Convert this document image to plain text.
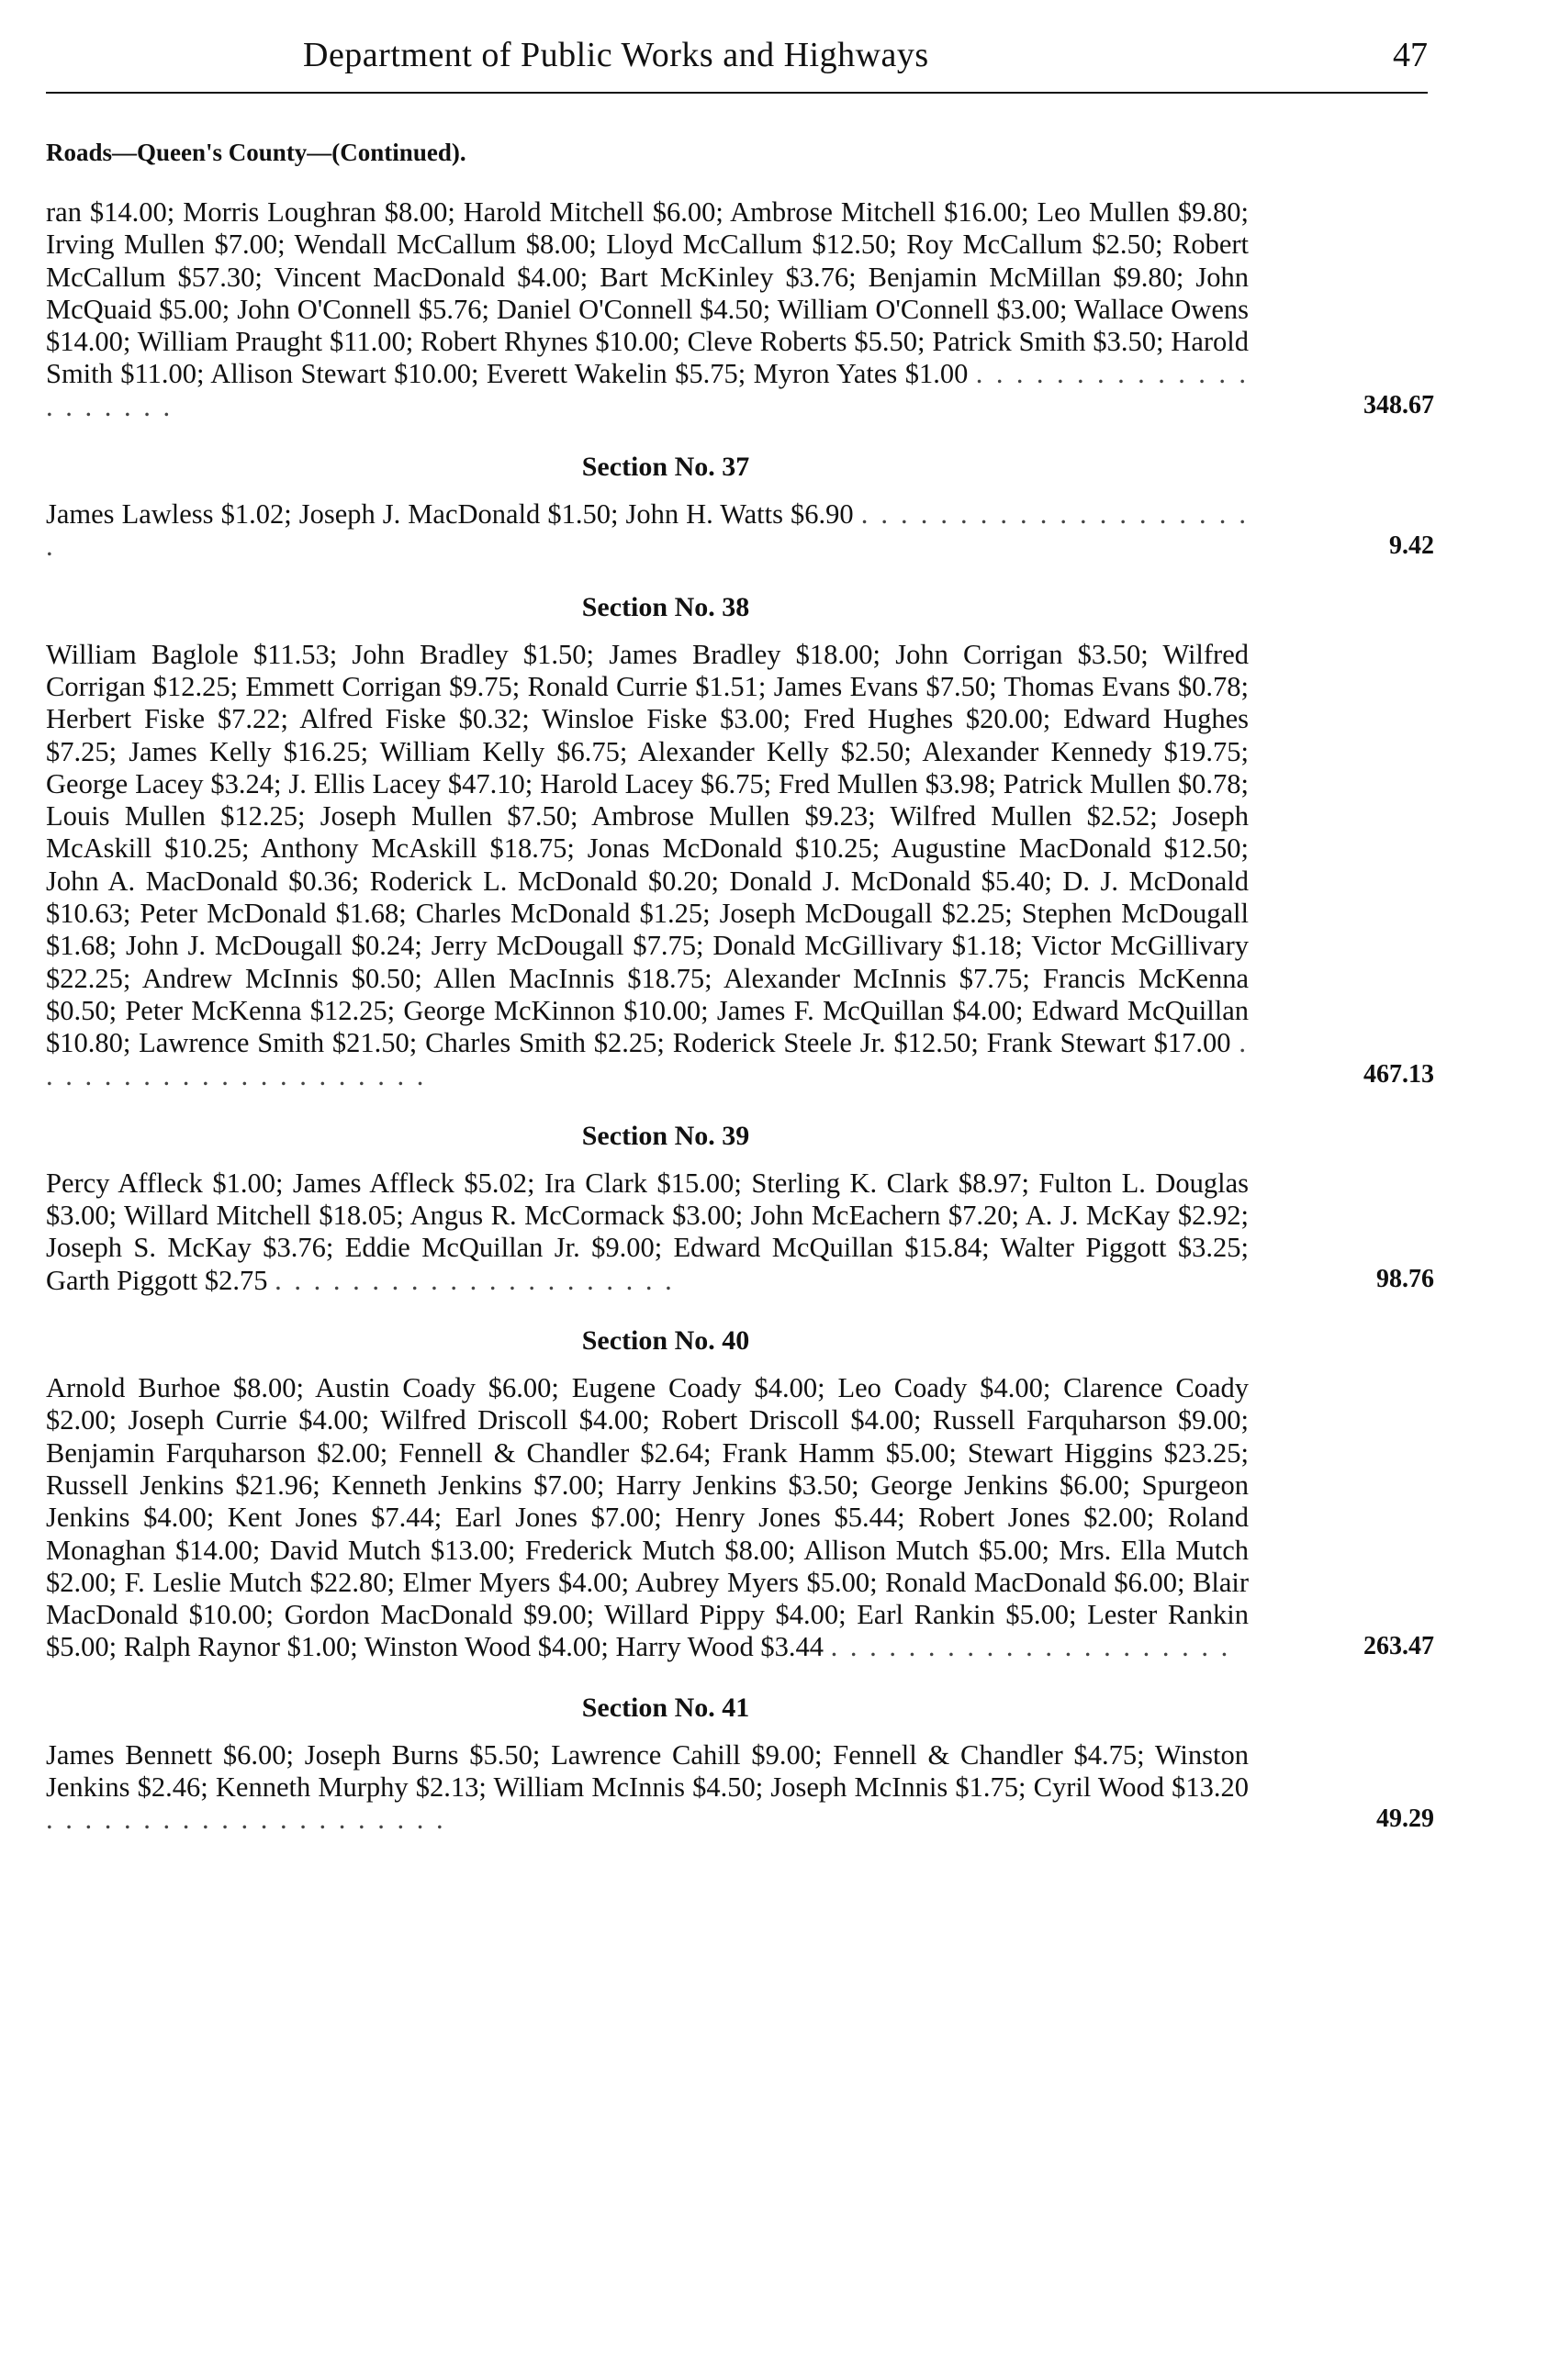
Department of Public Works and Highways	47
Roads—Queen's County—(Continued).

ran $14.00; Morris Loughran $8.00; Harold Mitchell $6.00; Ambrose Mitchell $16.00; Leo Mullen $9.80; Irving Mullen $7.00; Wendall McCallum $8.00; Lloyd McCallum $12.50; Roy McCallum $2.50; Robert McCallum $57.30; Vincent MacDonald $4.00; Bart McKinley $3.76; Benjamin McMillan $9.80; John McQuaid $5.00; John O'Connell $5.76; Daniel O'Connell $4.50; William O'Connell $3.00; Wallace Owens $14.00; William Praught $11.00; Robert Rhynes $10.00; Cleve Roberts $5.50; Patrick Smith $3.50; Harold Smith $11.00; Allison Stewart $10.00; Everett Wakelin $5.75; Myron Yates $1.00 . . . . . . . . . . . . . . . . . . . . .	348.67
Section No. 37

James Lawless $1.02; Joseph J. MacDonald $1.50; John H. Watts $6.90 . . . . . . . . . . . . . . . . . . . . .	9.42
Section No. 38

William Baglole $11.53; John Bradley $1.50; James Bradley $18.00; John Corrigan $3.50; Wilfred Corrigan $12.25; Emmett Corrigan $9.75; Ronald Currie $1.51; James Evans $7.50; Thomas Evans $0.78; Herbert Fiske $7.22; Alfred Fiske $0.32; Winsloe Fiske $3.00; Fred Hughes $20.00; Edward Hughes $7.25; James Kelly $16.25; William Kelly $6.75; Alexander Kelly $2.50; Alexander Kennedy $19.75; George Lacey $3.24; J. Ellis Lacey $47.10; Harold Lacey $6.75; Fred Mullen $3.98; Patrick Mullen $0.78; Louis Mullen $12.25; Joseph Mullen $7.50; Ambrose Mullen $9.23; Wilfred Mullen $2.52; Joseph McAskill $10.25; Anthony McAskill $18.75; Jonas McDonald $10.25; Augustine MacDonald $12.50; John A. MacDonald $0.36; Roderick L. McDonald $0.20; Donald J. McDonald $5.40; D. J. McDonald $10.63; Peter McDonald $1.68; Charles McDonald $1.25; Joseph McDougall $2.25; Stephen McDougall $1.68; John J. McDougall $0.24; Jerry McDougall $7.75; Donald McGillivary $1.18; Victor McGillivary $22.25; Andrew McInnis $0.50; Allen MacInnis $18.75; Alexander McInnis $7.75; Francis McKenna $0.50; Peter McKenna $12.25; George McKinnon $10.00; James F. McQuillan $4.00; Edward McQuillan $10.80; Lawrence Smith $21.50; Charles Smith $2.25; Roderick Steele Jr. $12.50; Frank Stewart $17.00 . . . . . . . . . . . . . . . . . . . . .	467.13
Section No. 39

Percy Affleck $1.00; James Affleck $5.02; Ira Clark $15.00; Sterling K. Clark $8.97; Fulton L. Douglas $3.00; Willard Mitchell $18.05; Angus R. McCormack $3.00; John McEachern $7.20; A. J. McKay $2.92; Joseph S. McKay $3.76; Eddie McQuillan Jr. $9.00; Edward McQuillan $15.84; Walter Piggott $3.25; Garth Piggott $2.75 . . . . . . . . . . . . . . . . . . . . .	98.76
Section No. 40

Arnold Burhoe $8.00; Austin Coady $6.00; Eugene Coady $4.00; Leo Coady $4.00; Clarence Coady $2.00; Joseph Currie $4.00; Wilfred Driscoll $4.00; Robert Driscoll $4.00; Russell Farquharson $9.00; Benjamin Farquharson $2.00; Fennell & Chandler $2.64; Frank Hamm $5.00; Stewart Higgins $23.25; Russell Jenkins $21.96; Kenneth Jenkins $7.00; Harry Jenkins $3.50; George Jenkins $6.00; Spurgeon Jenkins $4.00; Kent Jones $7.44; Earl Jones $7.00; Henry Jones $5.44; Robert Jones $2.00; Roland Monaghan $14.00; David Mutch $13.00; Frederick Mutch $8.00; Allison Mutch $5.00; Mrs. Ella Mutch $2.00; F. Leslie Mutch $22.80; Elmer Myers $4.00; Aubrey Myers $5.00; Ronald MacDonald $6.00; Blair MacDonald $10.00; Gordon MacDonald $9.00; Willard Pippy $4.00; Earl Rankin $5.00; Lester Rankin $5.00; Ralph Raynor $1.00; Winston Wood $4.00; Harry Wood $3.44 . . . . . . . . . . . . . . . . . . . . .	263.47
Section No. 41

James Bennett $6.00; Joseph Burns $5.50; Lawrence Cahill $9.00; Fennell & Chandler $4.75; Winston Jenkins $2.46; Kenneth Murphy $2.13; William McInnis $4.50; Joseph McInnis $1.75; Cyril Wood $13.20 . . . . . . . . . . . . . . . . . . . . .	49.29
